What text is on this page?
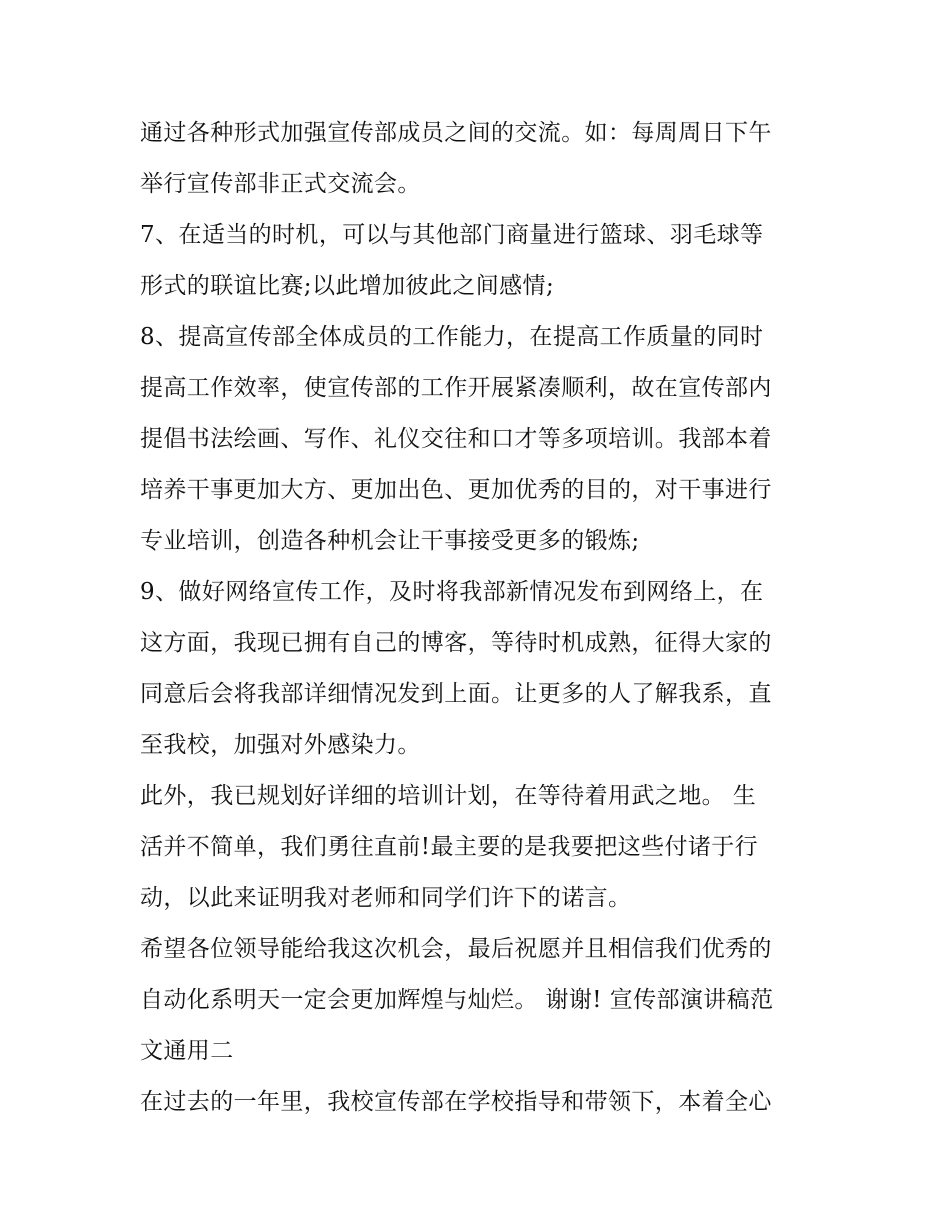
通过各种形式加强宣传部成员之间的交流。如：每周周日下午
举行宣传部非正式交流会。
7、在适当的时机，可以与其他部门商量进行篮球、羽毛球等
形式的联谊比赛;以此增加彼此之间感情;
8、提高宣传部全体成员的工作能力，在提高工作质量的同时
提高工作效率，使宣传部的工作开展紧凑顺利，故在宣传部内
提倡书法绘画、写作、礼仪交往和口才等多项培训。我部本着
培养干事更加大方、更加出色、更加优秀的目的，对干事进行
专业培训，创造各种机会让干事接受更多的锻炼;
9、做好网络宣传工作，及时将我部新情况发布到网络上，在
这方面，我现已拥有自己的博客，等待时机成熟，征得大家的
同意后会将我部详细情况发到上面。让更多的人了解我系，直
至我校，加强对外感染力。
此外，我已规划好详细的培训计划，在等待着用武之地。 生
活并不简单，我们勇往直前!最主要的是我要把这些付诸于行
动，以此来证明我对老师和同学们许下的诺言。
希望各位领导能给我这次机会，最后祝愿并且相信我们优秀的
自动化系明天一定会更加辉煌与灿烂。 谢谢! 宣传部演讲稿范
文通用二
在过去的一年里，我校宣传部在学校指导和带领下，本着全心
